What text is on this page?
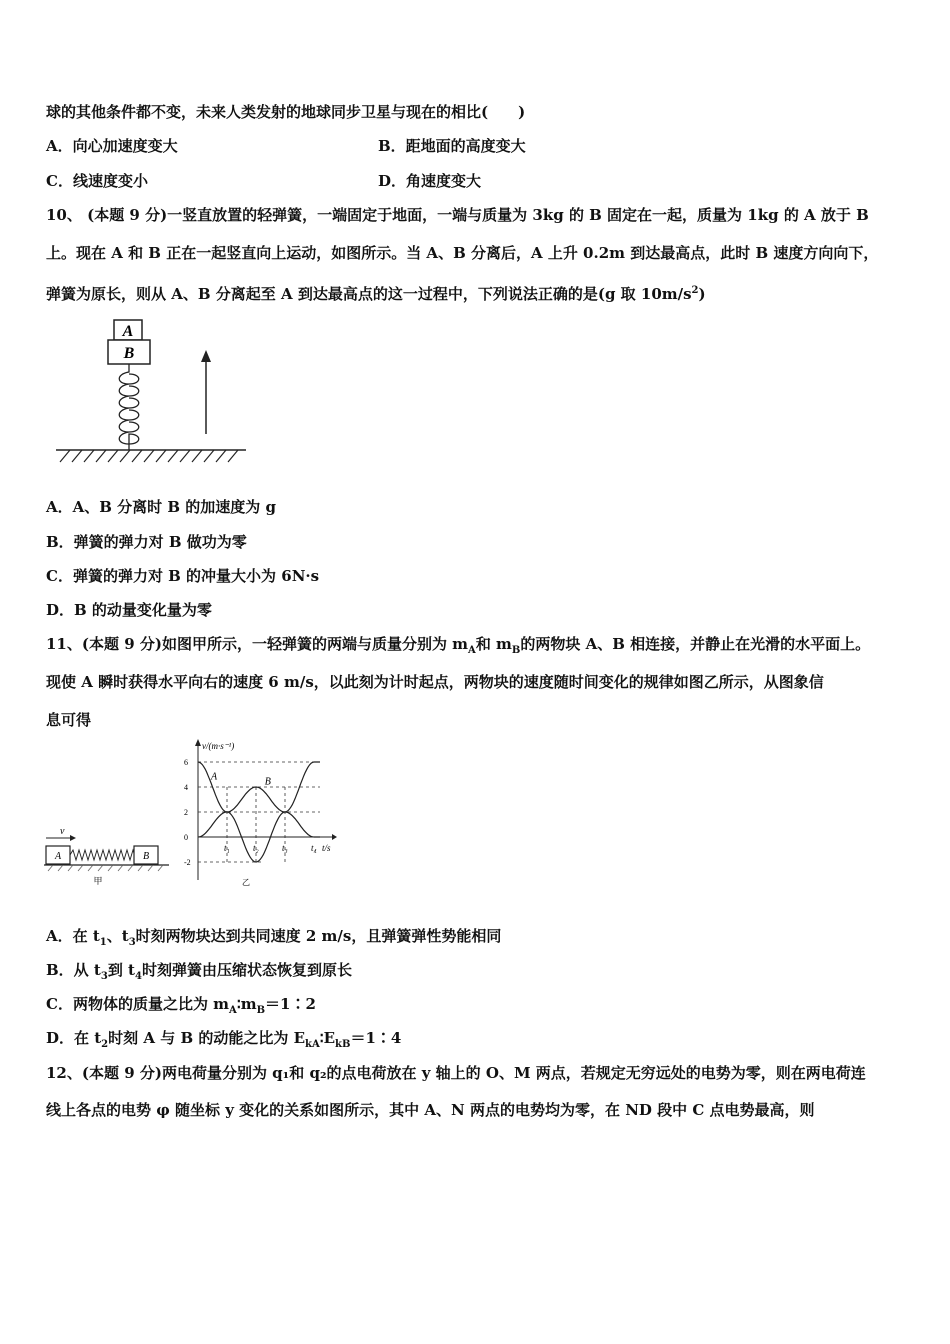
球的其他条件都不变，未来人类发射的地球同步卫星与现在的相比(　　)
A．向心加速度变大	B．距地面的高度变大
C．线速度变小	D．角速度变大
10、 (本题 9 分)一竖直放置的轻弹簧，一端固定于地面，一端与质量为 3kg 的 B 固定在一起，质量为 1kg 的 A 放于 B
上。现在 A 和 B 正在一起竖直向上运动，如图所示。当 A、B 分离后，A 上升 0.2m 到达最高点，此时 B 速度方向向下，
弹簧为原长，则从 A、B 分离起至 A 到达最高点的这一过程中，下列说法正确的是(g 取 $10m/s^2$)
A
B
A．A、B 分离时 B 的加速度为 g
B．弹簧的弹力对 B 做功为零
C．弹簧的弹力对 B 的冲量大小为 6N·s
D．B 的动量变化量为零
11、(本题 9 分)如图甲所示，一轻弹簧的两端与质量分别为 $m_A$和 $m_B$的两物块 A、B 相连接，并静止在光滑的水平面上。
现使 A 瞬时获得水平向右的速度 6 m/s，以此刻为计时起点，两物块的速度随时间变化的规律如图乙所示，从图象信
息可得
v
A	B
甲
v/(m·s⁻¹)
t/s
6
4
2
0
-2
t₁	t₂	t₃	t₄
A	B
乙
A．在 $t_1$、$t_3$时刻两物块达到共同速度 2 m/s，且弹簧弹性势能相同
B．从 $t_3$到 $t_4$时刻弹簧由压缩状态恢复到原长
C．两物体的质量之比为 $m_A∶m_B=1∶2$
D．在 $t_2$时刻 A 与 B 的动能之比为 $E_{kA}∶E_{kB}=1∶4$
12、(本题 9 分)两电荷量分别为 q₁和 q₂的点电荷放在 y 轴上的 O、M 两点，若规定无穷远处的电势为零，则在两电荷连
线上各点的电势 φ 随坐标 y 变化的关系如图所示，其中 A、N 两点的电势均为零，在 ND 段中 C 点电势最高，则
